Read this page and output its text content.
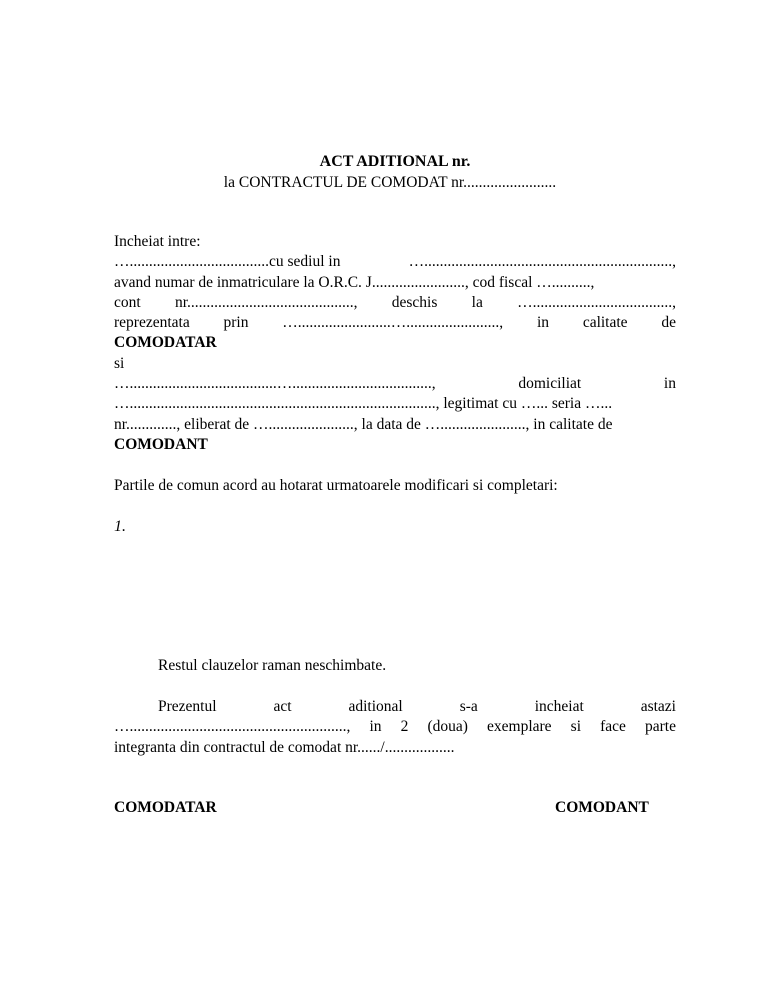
ACT ADITIONAL nr.
la CONTRACTUL DE COMODAT nr........................
Incheiat intre:
…....................................cu sediul in	…................................................................,
avand numar de inmatriculare la O.R.C. J........................, cod fiscal …..........,
cont nr..........................................., deschis la …....................................,
reprezentata prin …........................…........................, in calitate de
COMODATAR
si
…......................................…....................................,	domiciliat	in
…..............................................................................., legitimat cu …... seria …...
nr............., eliberat de …......................, la data de …......................, in calitate de
COMODANT
Partile de comun acord au hotarat urmatoarele modificari si completari:
1.
Restul clauzelor raman neschimbate.
Prezentul	act	aditional	s-a	incheiat	astazi
…........................................................, in 2 (doua) exemplare si face parte
integranta din contractul de comodat nr....../..................
COMODATAR	COMODANT
